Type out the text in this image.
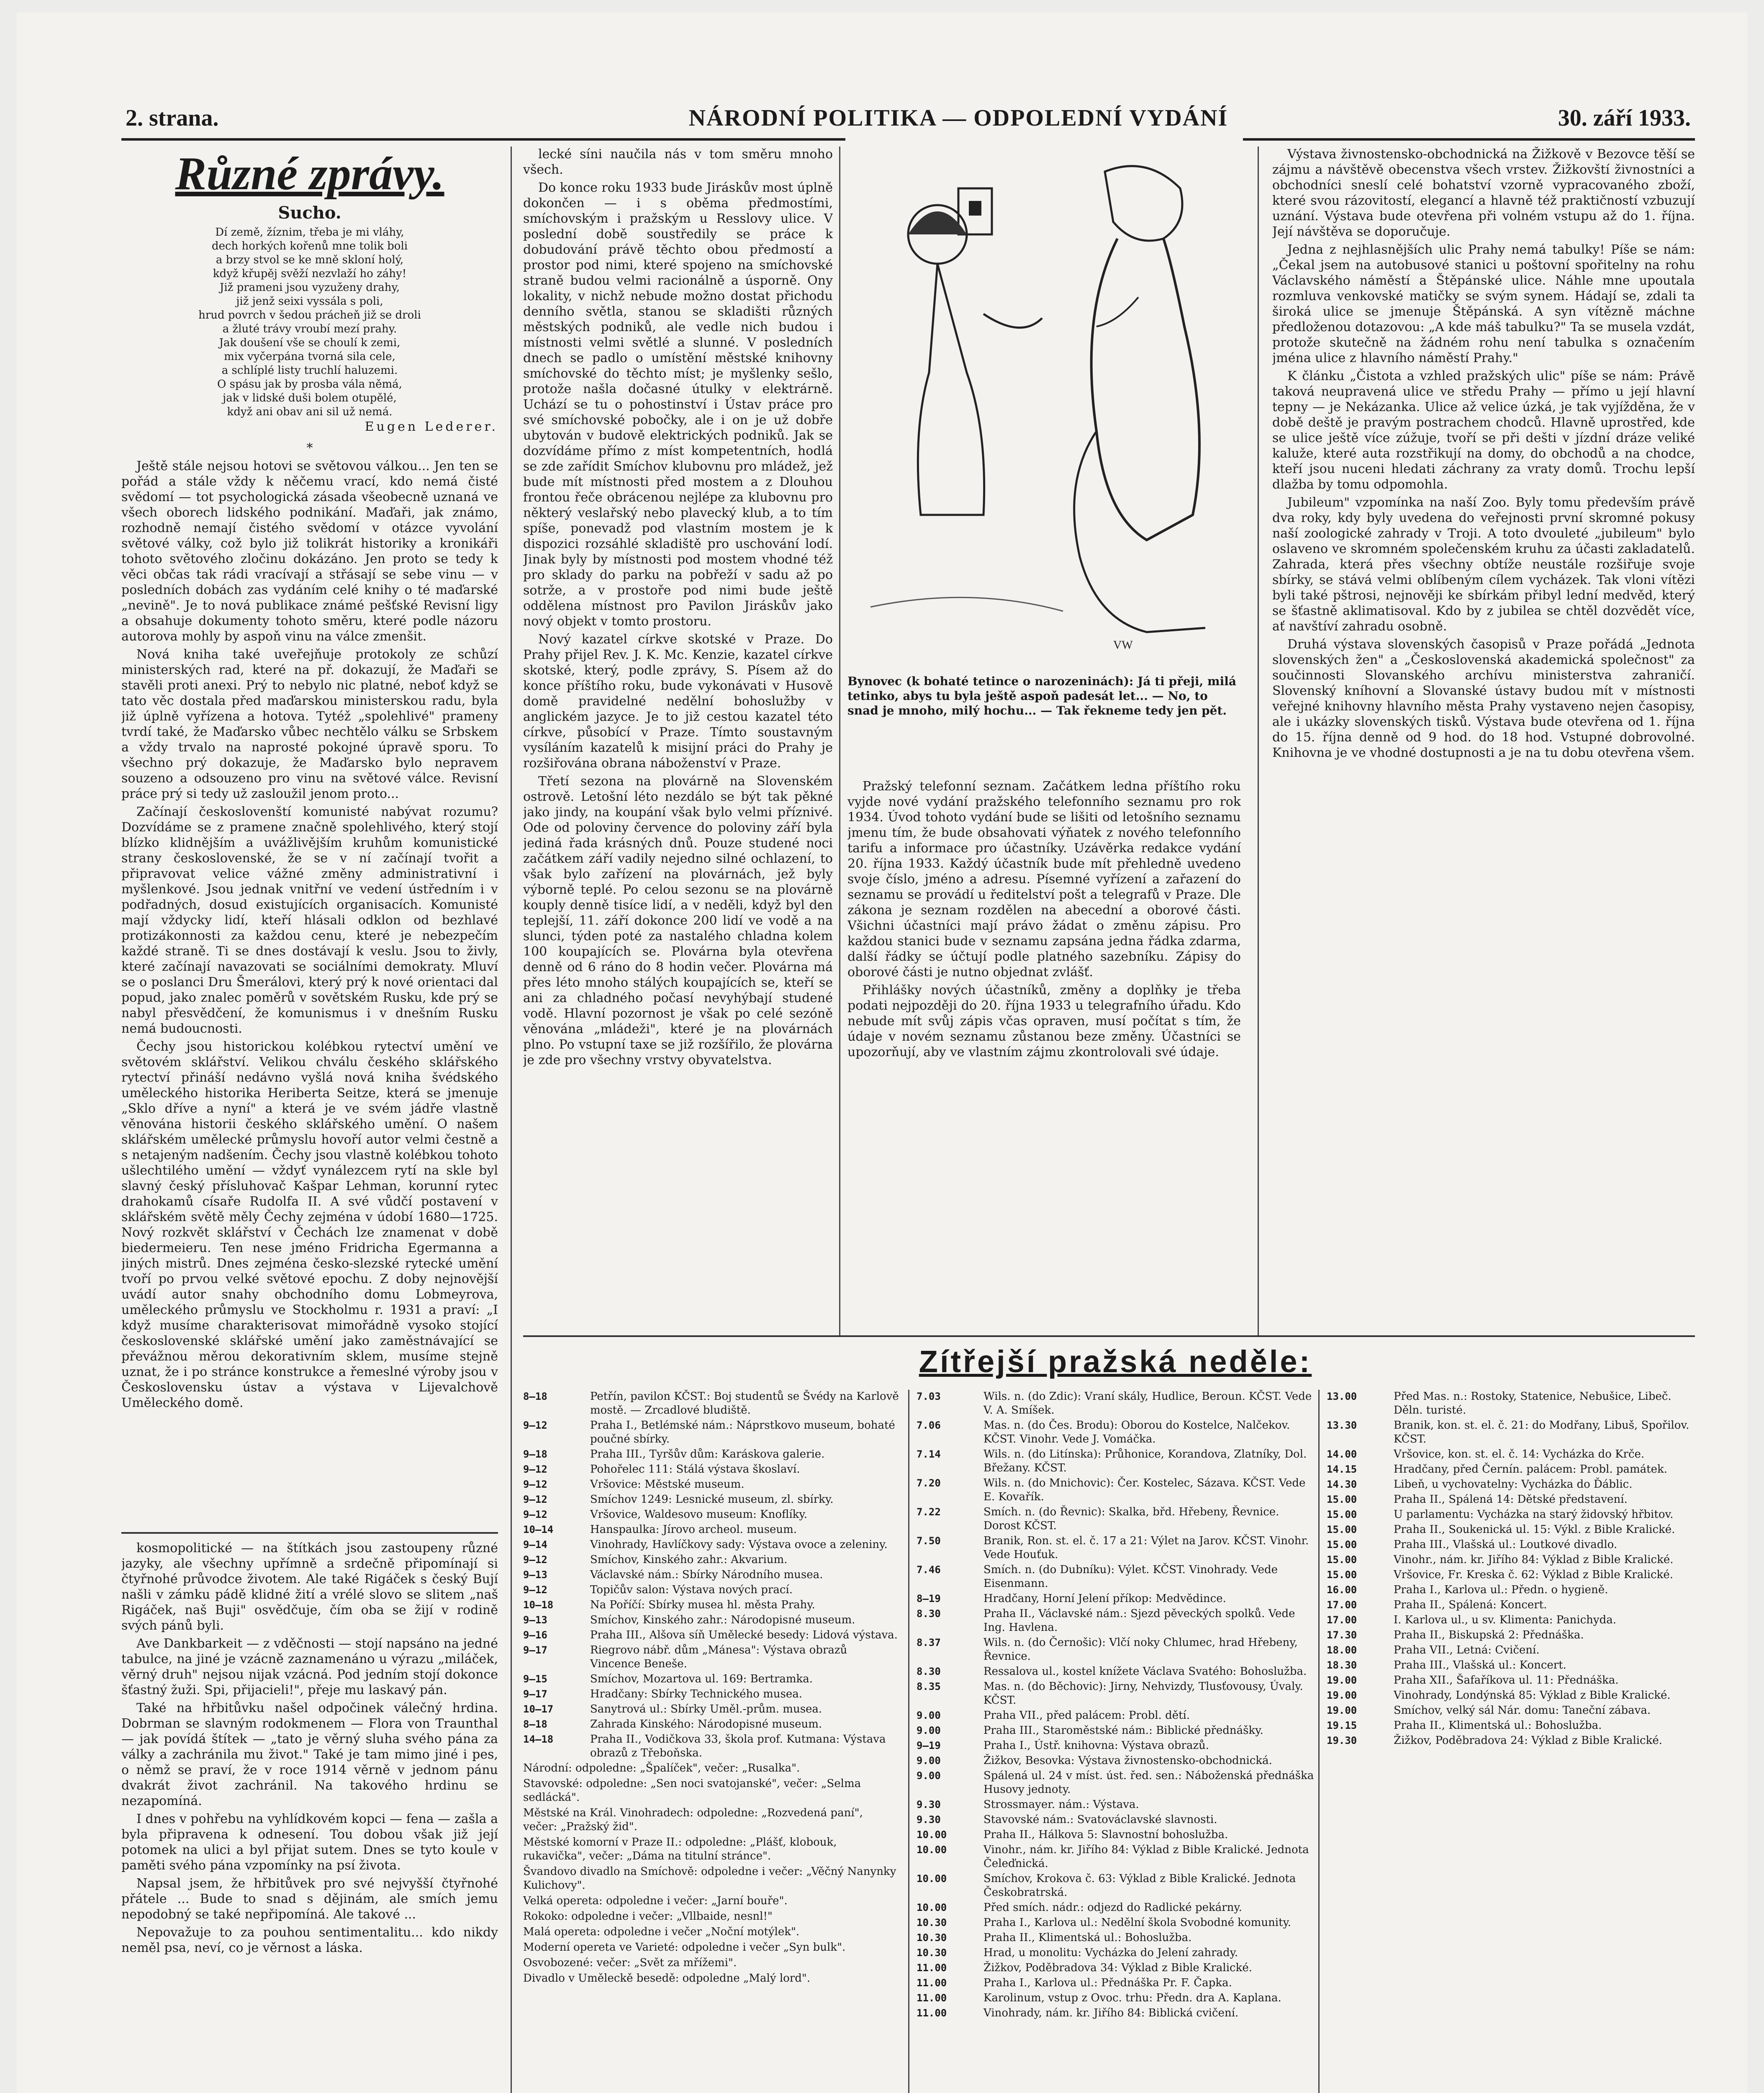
2. strana.	NÁRODNÍ POLITIKA — ODPOLEDNÍ VYDÁNÍ	30. září 1933.
Různé zprávy.
Sucho.
Dí země, žíznim, třeba je mi vláhy,
dech horkých kořenů mne tolik boli
a brzy stvol se ke mně skloní holý,
když křupěj svěží nezvlaží ho záhy!
Již prameni jsou vyzuženy drahy,
již jenž seixi vyssála s poli,
hrud povrch v šedou prácheň již se droli
a žluté trávy vroubí mezí prahy.
Jak doušení vše se choulí k zemi,
mix vyčerpána tvorná sila cele,
a schlíplé listy truchlí haluzemi.
O spásu jak by prosba vála němá,
jak v lidské duši bolem otupělé,
když ani obav ani sil už nemá.
Eugen Lederer.
*

Ještě stále nejsou hotovi se světovou válkou... Jen ten se pořád a stále vždy k něčemu vrací, kdo nemá čisté svědomí — tot psychologická zásada všeobecně uznaná ve všech oborech lidského podnikání. Maďaři, jak známo, rozhodně nemají čistého svědomí v otázce vyvolání světové války, což bylo již tolikrát historiky a kronikáři tohoto světového zločinu dokázáno. Jen proto se tedy k věci občas tak rádi vracívají a střásají se sebe vinu — v posledních dobách zas vydáním celé knihy o té maďarské „nevině". Je to nová publikace známé pešťské Revisní ligy a obsahuje dokumenty tohoto směru, které podle názoru autorova mohly by aspoň vinu na válce zmenšit.

Nová kniha také uveřejňuje protokoly ze schůzí ministerských rad, které na př. dokazují, že Maďaři se stavěli proti anexi. Prý to nebylo nic platné, neboť když se tato věc dostala před maďarskou ministerskou radu, byla již úplně vyřízena a hotova. Tytéž „spolehlivé" prameny tvrdí také, že Maďarsko vůbec nechtělo válku se Srbskem a vždy trvalo na naprosté pokojné úpravě sporu. To všechno prý dokazuje, že Maďarsko bylo nepravem souzeno a odsouzeno pro vinu na světové válce. Revisní práce prý si tedy už zasloužil jenom proto...

Začínají českoslovenští komunisté nabývat rozumu? Dozvídáme se z pramene značně spolehlivého, který stojí blízko klidnějším a uvážlivějším kruhům komunistické strany československé, že se v ní začínají tvořit a připravovat velice vážné změny administrativní i myšlenkové. Jsou jednak vnitřní ve vedení ústředním i v podřadných, dosud existujících organisacích. Komunisté mají vždycky lidí, kteří hlásali odklon od bezhlavé protizákonnosti za každou cenu, které je nebezpečím každé straně. Ti se dnes dostávají k veslu. Jsou to živly, které začínají navazovati se sociálními demokraty. Mluví se o poslanci Dru Šmerálovi, který prý k nové orientaci dal popud, jako znalec poměrů v sovětském Rusku, kde prý se nabyl přesvědčení, že komunismus i v dnešním Rusku nemá budoucnosti.

Čechy jsou historickou kolébkou rytectví umění ve světovém sklářství. Velikou chválu českého sklářského rytectví přináší nedávno vyšlá nová kniha švédského uměleckého historika Heriberta Seitze, která se jmenuje „Sklo dříve a nyní" a která je ve svém jádře vlastně věnována historii českého sklářského umění. O našem sklářském umělecké průmyslu hovoří autor velmi čestně a s netajeným nadšením. Čechy jsou vlastně kolébkou tohoto ušlechtilého umění — vždyť vynálezcem rytí na skle byl slavný český přísluhovač Kašpar Lehman, korunní rytec drahokamů císaře Rudolfa II. A své vůdčí postavení v sklářském světě měly Čechy zejména v údobí 1680—1725. Nový rozkvět sklářství v Čechách lze znamenat v době biedermeieru. Ten nese jméno Fridricha Egermanna a jiných mistrů. Dnes zejména česko-slezské rytecké umění tvoří po prvou velké světové epochu. Z doby nejnovější uvádí autor snahy obchodního domu Lobmeyrova, uměleckého průmyslu ve Stockholmu r. 1931 a praví: „I když musíme charakterisovat mimořádně vysoko stojící československé sklářské umění jako zaměstnávající se převážnou měrou dekorativním sklem, musíme stejně uznat, že i po stránce konstrukce a řemeslné výroby jsou v Československu ústav a výstava v Lijevalchově Uměleckého domě.

kosmopolitické — na štítkách jsou zastoupeny různé jazyky, ale všechny upřímně a srdečně připomínají si čtyřnohé průvodce životem. Ale také Rigáček s český Bují našli v zámku pádě klidné žití a vrélé slovo se slitem „naš Rigáček, naš Buji" osvědčuje, čím oba se žijí v rodině svých pánů byli.

Ave Dankbarkeit — z vděčnosti — stojí napsáno na jedné tabulce, na jiné je vzácně zaznamenáno u výrazu „miláček, věrný druh" nejsou nijak vzácná. Pod jedním stojí dokonce šťastný žuži. Spi, přijacieli!", přeje mu laskavý pán.

Také na hřbitůvku našel odpočinek válečný hrdina. Dobrman se slavným rodokmenem — Flora von Traunthal — jak povídá štítek — „tato je věrný sluha svého pána za války a zachránila mu život." Také je tam mimo jiné i pes, o němž se praví, že v roce 1914 věrně v jednom pánu dvakrát život zachránil. Na takového hrdinu se nezapomíná.

I dnes v pohřebu na vyhlídkovém kopci — fena — zašla a byla připravena k odnesení. Tou dobou však již její potomek na ulici a byl přijat sutem. Dnes se tyto koule v paměti svého pána vzpomínky na psí života.

Napsal jsem, že hřbitůvek pro své nejvyšší čtyřnohé přátele ... Bude to snad s dějinám, ale smích jemu nepodobný se také nepřipomíná. Ale takové ...

Nepovažuje to za pouhou sentimentalitu... kdo nikdy neměl psa, neví, co je věrnost a láska.

lecké síni naučila nás v tom směru mnoho všech.

Do konce roku 1933 bude Jiráskův most úplně dokončen — i s oběma předmostími, smíchovským i pražským u Resslovy ulice. V poslední době soustředily se práce k dobudování právě těchto obou předmostí a prostor pod nimi, které spojeno na smíchovské straně budou velmi racionálně a úsporně. Ony lokality, v nichž nebude možno dostat přichodu denního světla, stanou se skladišti různých městských podniků, ale vedle nich budou i místnosti velmi světlé a slunné. V posledních dnech se padlo o umístění městské knihovny smíchovské do těchto míst; je myšlenky sešlo, protože našla dočasné útulky v elektrárně. Uchází se tu o pohostinství i Ústav práce pro své smíchovské pobočky, ale i on je už dobře ubytován v budově elektrických podniků. Jak se dozvídáme přímo z míst kompetentních, hodlá se zde zařídit Smíchov klubovnu pro mládež, jež bude mít místnosti před mostem a z Dlouhou frontou řeče obrácenou nejlépe za klubovnu pro některý veslařský nebo plavecký klub, a to tím spíše, ponevadž pod vlastním mostem je k dispozici rozsáhlé skladiště pro uschování lodí. Jinak byly by místnosti pod mostem vhodné též pro sklady do parku na pobřeží v sadu až po sotrže, a v prostoře pod nimi bude ještě oddělena místnost pro Pavilon Jiráskův jako nový objekt v tomto prostoru.

Nový kazatel církve skotské v Praze. Do Prahy přijel Rev. J. K. Mc. Kenzie, kazatel církve skotské, který, podle zprávy, S. Písem až do konce příštího roku, bude vykonávati v Husově domě pravidelné nedělní bohoslužby v anglickém jazyce. Je to již cestou kazatel této církve, působící v Praze. Tímto soustavným vysíláním kazatelů k misijní práci do Prahy je rozšiřována obrana náboženství v Praze.

Třetí sezona na plovárně na Slovenském ostrově. Letošní léto nezdálo se být tak pěkné jako jindy, na koupání však bylo velmi příznivé. Ode od poloviny července do poloviny září byla jediná řada krásných dnů. Pouze studené noci začátkem září vadily nejedno silné ochlazení, to však bylo zařízení na plovárnách, jež byly výborně teplé. Po celou sezonu se na plovárně kouply denně tisíce lidí, a v neděli, když byl den teplejší, 11. září dokonce 200 lidí ve vodě a na slunci, týden poté za nastalého chladna kolem 100 koupajících se. Plovárna byla otevřena denně od 6 ráno do 8 hodin večer. Plovárna má přes léto mnoho stálých koupajících se, kteří se ani za chladného počasí nevyhýbají studené vodě. Hlavní pozornost je však po celé sezóně věnována „mládeži", které je na plovárnách plno. Po vstupní taxe se již rozšířilo, že plovárna je zde pro všechny vrstvy obyvatelstva.

VW
Bynovec (k bohaté tetince o narozeninách): Já ti přeji, milá tetinko, abys tu byla ještě aspoň padesát let... — No, to snad je mnoho, milý hochu... — Tak řekneme tedy jen pět.

Pražský telefonní seznam. Začátkem ledna příštího roku vyjde nové vydání pražského telefonního seznamu pro rok 1934. Úvod tohoto vydání bude se lišiti od letošního seznamu jmenu tím, že bude obsahovati výňatek z nového telefonního tarifu a informace pro účastníky. Uzávěrka redakce vydání 20. října 1933. Každý účastník bude mít přehledně uvedeno svoje číslo, jméno a adresu. Písemné vyřízení a zařazení do seznamu se provádí u ředitelství pošt a telegrafů v Praze. Dle zákona je seznam rozdělen na abecední a oborové části. Všichni účastníci mají právo žádat o změnu zápisu. Pro každou stanici bude v seznamu zapsána jedna řádka zdarma, další řádky se účtují podle platného sazebníku. Zápisy do oborové části je nutno objednat zvlášť.

Přihlášky nových účastníků, změny a doplňky je třeba podati nejpozději do 20. října 1933 u telegrafního úřadu. Kdo nebude mít svůj zápis včas opraven, musí počítat s tím, že údaje v novém seznamu zůstanou beze změny. Účastníci se upozorňují, aby ve vlastním zájmu zkontrolovali své údaje.

Výstava živnostensko-obchodnická na Žižkově v Bezovce těší se zájmu a návštěvě obecenstva všech vrstev. Žižkovští živnostníci a obchodníci sneslí celé bohatství vzorně vypracovaného zboží, které svou rázovitostí, elegancí a hlavně též praktičností vzbuzují uznání. Výstava bude otevřena při volném vstupu až do 1. října. Její návštěva se doporučuje.

Jedna z nejhlasnějších ulic Prahy nemá tabulky! Píše se nám: „Čekal jsem na autobusové stanici u poštovní spořitelny na rohu Václavského náměstí a Štěpánské ulice. Náhle mne upoutala rozmluva venkovské matičky se svým synem. Hádají se, zdali ta široká ulice se jmenuje Štěpánská. A syn vítězně máchne předloženou dotazovou: „A kde máš tabulku?" Ta se musela vzdát, protože skutečně na žádném rohu není tabulka s označením jména ulice z hlavního náměstí Prahy."

K článku „Čistota a vzhled pražských ulic" píše se nám: Právě taková neupravená ulice ve středu Prahy — přímo u její hlavní tepny — je Nekázanka. Ulice až velice úzká, je tak vyjížděna, že v době deště je pravým postrachem chodců. Hlavně uprostřed, kde se ulice ještě více zúžuje, tvoří se při dešti v jízdní dráze veliké kaluže, které auta rozstřikují na domy, do obchodů a na chodce, kteří jsou nuceni hledati záchrany za vraty domů. Trochu lepší dlažba by tomu odpomohla.

Jubileum" vzpomínka na naší Zoo. Byly tomu především právě dva roky, kdy byly uvedena do veřejnosti první skromné pokusy naší zoologické zahrady v Troji. A toto dvouleté „jubileum" bylo oslaveno ve skromném společenském kruhu za účasti zakladatelů. Zahrada, která přes všechny obtíže neustále rozšiřuje svoje sbírky, se stává velmi oblíbeným cílem vycházek. Tak vloni vítězi byli také pštrosi, nejnověji ke sbírkám přibyl lední medvěd, který se šťastně aklimatisoval. Kdo by z jubilea se chtěl dozvědět více, ať navštíví zahradu osobně.

Druhá výstava slovenských časopisů v Praze pořádá „Jednota slovenských žen" a „Československá akademická společnost" za součinnosti Slovanského archívu ministerstva zahraničí. Slovenský kníhovní a Slovanské ústavy budou mít v místnosti veřejné knihovny hlavního města Prahy vystaveno nejen časopisy, ale i ukázky slovenských tisků. Výstava bude otevřena od 1. října do 15. října denně od 9 hod. do 18 hod. Vstupné dobrovolné. Knihovna je ve vhodné dostupnosti a je na tu dobu otevřena všem.

Zítřejší pražská neděle:
8—18	Petřín, pavilon KČST.: Boj studentů se Švédy na Karlově mostě. — Zrcadlové bludiště.
9—12	Praha I., Betlémské nám.: Náprstkovo museum, bohaté poučné sbírky.
9—18	Praha III., Tyršův dům: Karáskova galerie.
9—12	Pohořelec 111: Stálá výstava škoslaví.
9—12	Vršovice: Městské museum.
9—12	Smíchov 1249: Lesnické museum, zl. sbírky.
9—12	Vršovice, Waldesovo museum: Knoflíky.
10—14	Hanspaulka: Jírovo archeol. museum.
9—14	Vinohrady, Havlíčkovy sady: Výstava ovoce a zeleniny.
9—12	Smíchov, Kinského zahr.: Akvarium.
9—13	Václavské nám.: Sbírky Národního musea.
9—12	Topičův salon: Výstava nových prací.
10—18	Na Poříčí: Sbírky musea hl. města Prahy.
9—13	Smíchov, Kinského zahr.: Národopisné museum.
9—16	Praha III., Alšova síň Umělecké besedy: Lidová výstava.
9—17	Riegrovo nábř. dům „Mánesa": Výstava obrazů Vincence Beneše.
9—15	Smíchov, Mozartova ul. 169: Bertramka.
9—17	Hradčany: Sbírky Technického musea.
10—17	Sanytrová ul.: Sbírky Uměl.-prům. musea.
8—18	Zahrada Kinského: Národopisné museum.
14—18	Praha II., Vodičkova 33, škola prof. Kutmana: Výstava obrazů z Třeboňska.
Národní: odpoledne: „Špalíček", večer: „Rusalka".
Stavovské: odpoledne: „Sen noci svatojanské", večer: „Selma sedlácká".
Městské na Král. Vinohradech: odpoledne: „Rozvedená paní", večer: „Pražský žid".
Městské komorní v Praze II.: odpoledne: „Plášť, klobouk, rukavička", večer: „Dáma na titulní stránce".
Švandovo divadlo na Smíchově: odpoledne i večer: „Věčný Nanynky Kulichovy".
Velká opereta: odpoledne i večer: „Jarní bouře".
Rokoko: odpoledne i večer: „Vllbaide, nesnl!"
Malá opereta: odpoledne i večer „Noční motýlek".
Moderní opereta ve Varieté: odpoledne i večer „Syn bulk".
Osvobozené: večer: „Svět za mřížemi".
Divadlo v Uměleckě besedě: odpoledne „Malý lord".
7.03	Wils. n. (do Zdic): Vraní skály, Hudlice, Beroun. KČST. Vede V. A. Smíšek.
7.06	Mas. n. (do Čes. Brodu): Oborou do Kostelce, Nalčekov. KČST. Vinohr. Vede J. Vomáčka.
7.14	Wils. n. (do Litínska): Průhonice, Korandova, Zlatníky, Dol. Břežany. KČST.
7.20	Wils. n. (do Mnichovic): Čer. Kostelec, Sázava. KČST. Vede E. Kovařík.
7.22	Smích. n. (do Řevnic): Skalka, břd. Hřebeny, Řevnice. Dorost KČST.
7.50	Branik, Ron. st. el. č. 17 a 21: Výlet na Jarov. KČST. Vinohr. Vede Houťuk.
7.46	Smích. n. (do Dubníku): Výlet. KČST. Vinohrady. Vede Eisenmann.
8—19	Hradčany, Horní Jelení příkop: Medvědince.
8.30	Praha II., Václavské nám.: Sjezd pěveckých spolků. Vede Ing. Havlena.
8.37	Wils. n. (do Černošic): Vlčí noky Chlumec, hrad Hřebeny, Řevnice.
8.30	Ressalova ul., kostel knížete Václava Svatého: Bohoslužba.
8.35	Mas. n. (do Běchovic): Jirny, Nehvizdy, Tlusťovousy, Úvaly. KČST.
9.00	Praha VII., před palácem: Probl. dětí.
9.00	Praha III., Staroměstské nám.: Biblické přednášky.
9—19	Praha I., Ústř. knihovna: Výstava obrazů.
9.00	Žižkov, Besovka: Výstava živnostensko-obchodnická.
9.00	Spálená ul. 24 v míst. úst. řed. sen.: Náboženská přednáška Husovy jednoty.
9.30	Strossmayer. nám.: Výstava.
9.30	Stavovské nám.: Svatováclavské slavnosti.
10.00	Praha II., Hálkova 5: Slavnostní bohoslužba.
10.00	Vinohr., nám. kr. Jiřího 84: Výklad z Bible Kralické. Jednota Čeleďnická.
10.00	Smíchov, Krokova č. 63: Výklad z Bible Kralické. Jednota Českobratrská.
10.00	Před smích. nádr.: odjezd do Radlické pekárny.
10.30	Praha I., Karlova ul.: Nedělní škola Svobodné komunity.
10.30	Praha II., Klimentská ul.: Bohoslužba.
10.30	Hrad, u monolitu: Vycházka do Jelení zahrady.
11.00	Žižkov, Poděbradova 34: Výklad z Bible Kralické.
11.00	Praha I., Karlova ul.: Přednáška Pr. F. Čapka.
11.00	Karolinum, vstup z Ovoc. trhu: Předn. dra A. Kaplana.
11.00	Vinohrady, nám. kr. Jiřího 84: Biblická cvičení.
13.00	Před Mas. n.: Rostoky, Statenice, Nebušice, Libeč. Děln. turisté.
13.30	Branik, kon. st. el. č. 21: do Modřany, Libuš, Spořilov. KČST.
14.00	Vršovice, kon. st. el. č. 14: Vycházka do Krče.
14.15	Hradčany, před Černín. palácem: Probl. památek.
14.30	Libeň, u vychovatelny: Vycházka do Ďáblic.
15.00	Praha II., Spálená 14: Dětské představení.
15.00	U parlamentu: Vycházka na starý židovský hřbitov.
15.00	Praha II., Soukenická ul. 15: Výkl. z Bible Kralické.
15.00	Praha III., Vlašská ul.: Loutkové divadlo.
15.00	Vinohr., nám. kr. Jiřího 84: Výklad z Bible Kralické.
15.00	Vršovice, Fr. Kreska č. 62: Výklad z Bible Kralické.
16.00	Praha I., Karlova ul.: Předn. o hygieně.
17.00	Praha II., Spálená: Koncert.
17.00	I. Karlova ul., u sv. Klimenta: Panichyda.
17.30	Praha II., Biskupská 2: Přednáška.
18.00	Praha VII., Letná: Cvičení.
18.30	Praha III., Vlašská ul.: Koncert.
19.00	Praha XII., Šafaříkova ul. 11: Přednáška.
19.00	Vinohrady, Londýnská 85: Výklad z Bible Kralické.
19.00	Smíchov, velký sál Nár. domu: Taneční zábava.
19.15	Praha II., Klimentská ul.: Bohoslužba.
19.30	Žižkov, Poděbradova 24: Výklad z Bible Kralické.
